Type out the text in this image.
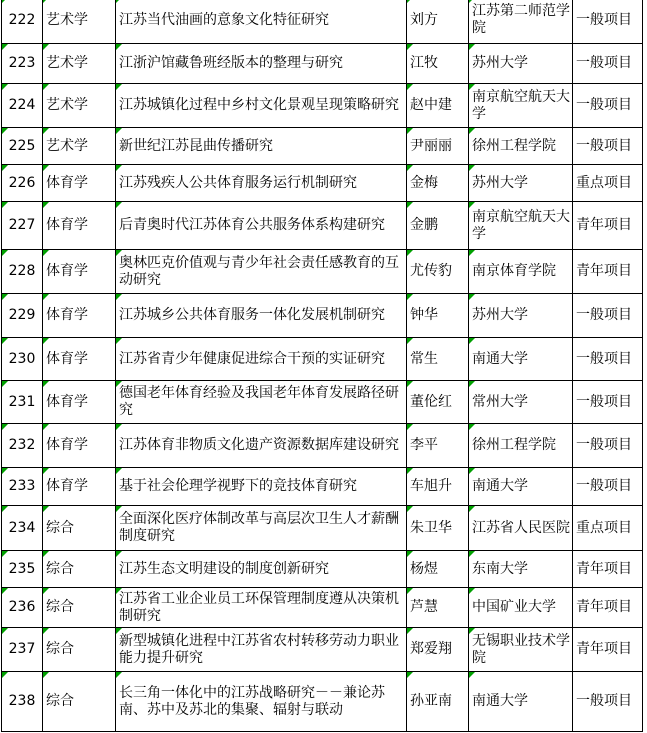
222	艺术学	江苏当代油画的意象文化特征研究	刘方	江苏第二师范学院	一般项目
223	艺术学	江浙沪馆藏鲁班经版本的整理与研究	江牧	苏州大学	一般项目
224	艺术学	江苏城镇化过程中乡村文化景观呈现策略研究	赵中建	南京航空航天大学	一般项目
225	艺术学	新世纪江苏昆曲传播研究	尹丽丽	徐州工程学院	一般项目
226	体育学	江苏残疾人公共体育服务运行机制研究	金梅	苏州大学	重点项目
227	体育学	后青奥时代江苏体育公共服务体系构建研究	金鹏	南京航空航天大学	青年项目
228	体育学	奥林匹克价值观与青少年社会责任感教育的互动研究	尤传豹	南京体育学院	青年项目
229	体育学	江苏城乡公共体育服务一体化发展机制研究	钟华	苏州大学	一般项目
230	体育学	江苏省青少年健康促进综合干预的实证研究	常生	南通大学	一般项目
231	体育学	德国老年体育经验及我国老年体育发展路径研究	董伦红	常州大学	一般项目
232	体育学	江苏体育非物质文化遗产资源数据库建设研究	李平	徐州工程学院	一般项目
233	体育学	基于社会伦理学视野下的竞技体育研究	车旭升	南通大学	一般项目
234	综合	全面深化医疗体制改革与高层次卫生人才薪酬制度研究	朱卫华	江苏省人民医院	重点项目
235	综合	江苏生态文明建设的制度创新研究	杨煜	东南大学	青年项目
236	综合	江苏省工业企业员工环保管理制度遵从决策机制研究	芦慧	中国矿业大学	青年项目
237	综合	新型城镇化进程中江苏省农村转移劳动力职业能力提升研究	郑爱翔	无锡职业技术学院	青年项目
238	综合	长三角一体化中的江苏战略研究－－兼论苏南、苏中及苏北的集聚、辐射与联动	孙亚南	南通大学	一般项目
